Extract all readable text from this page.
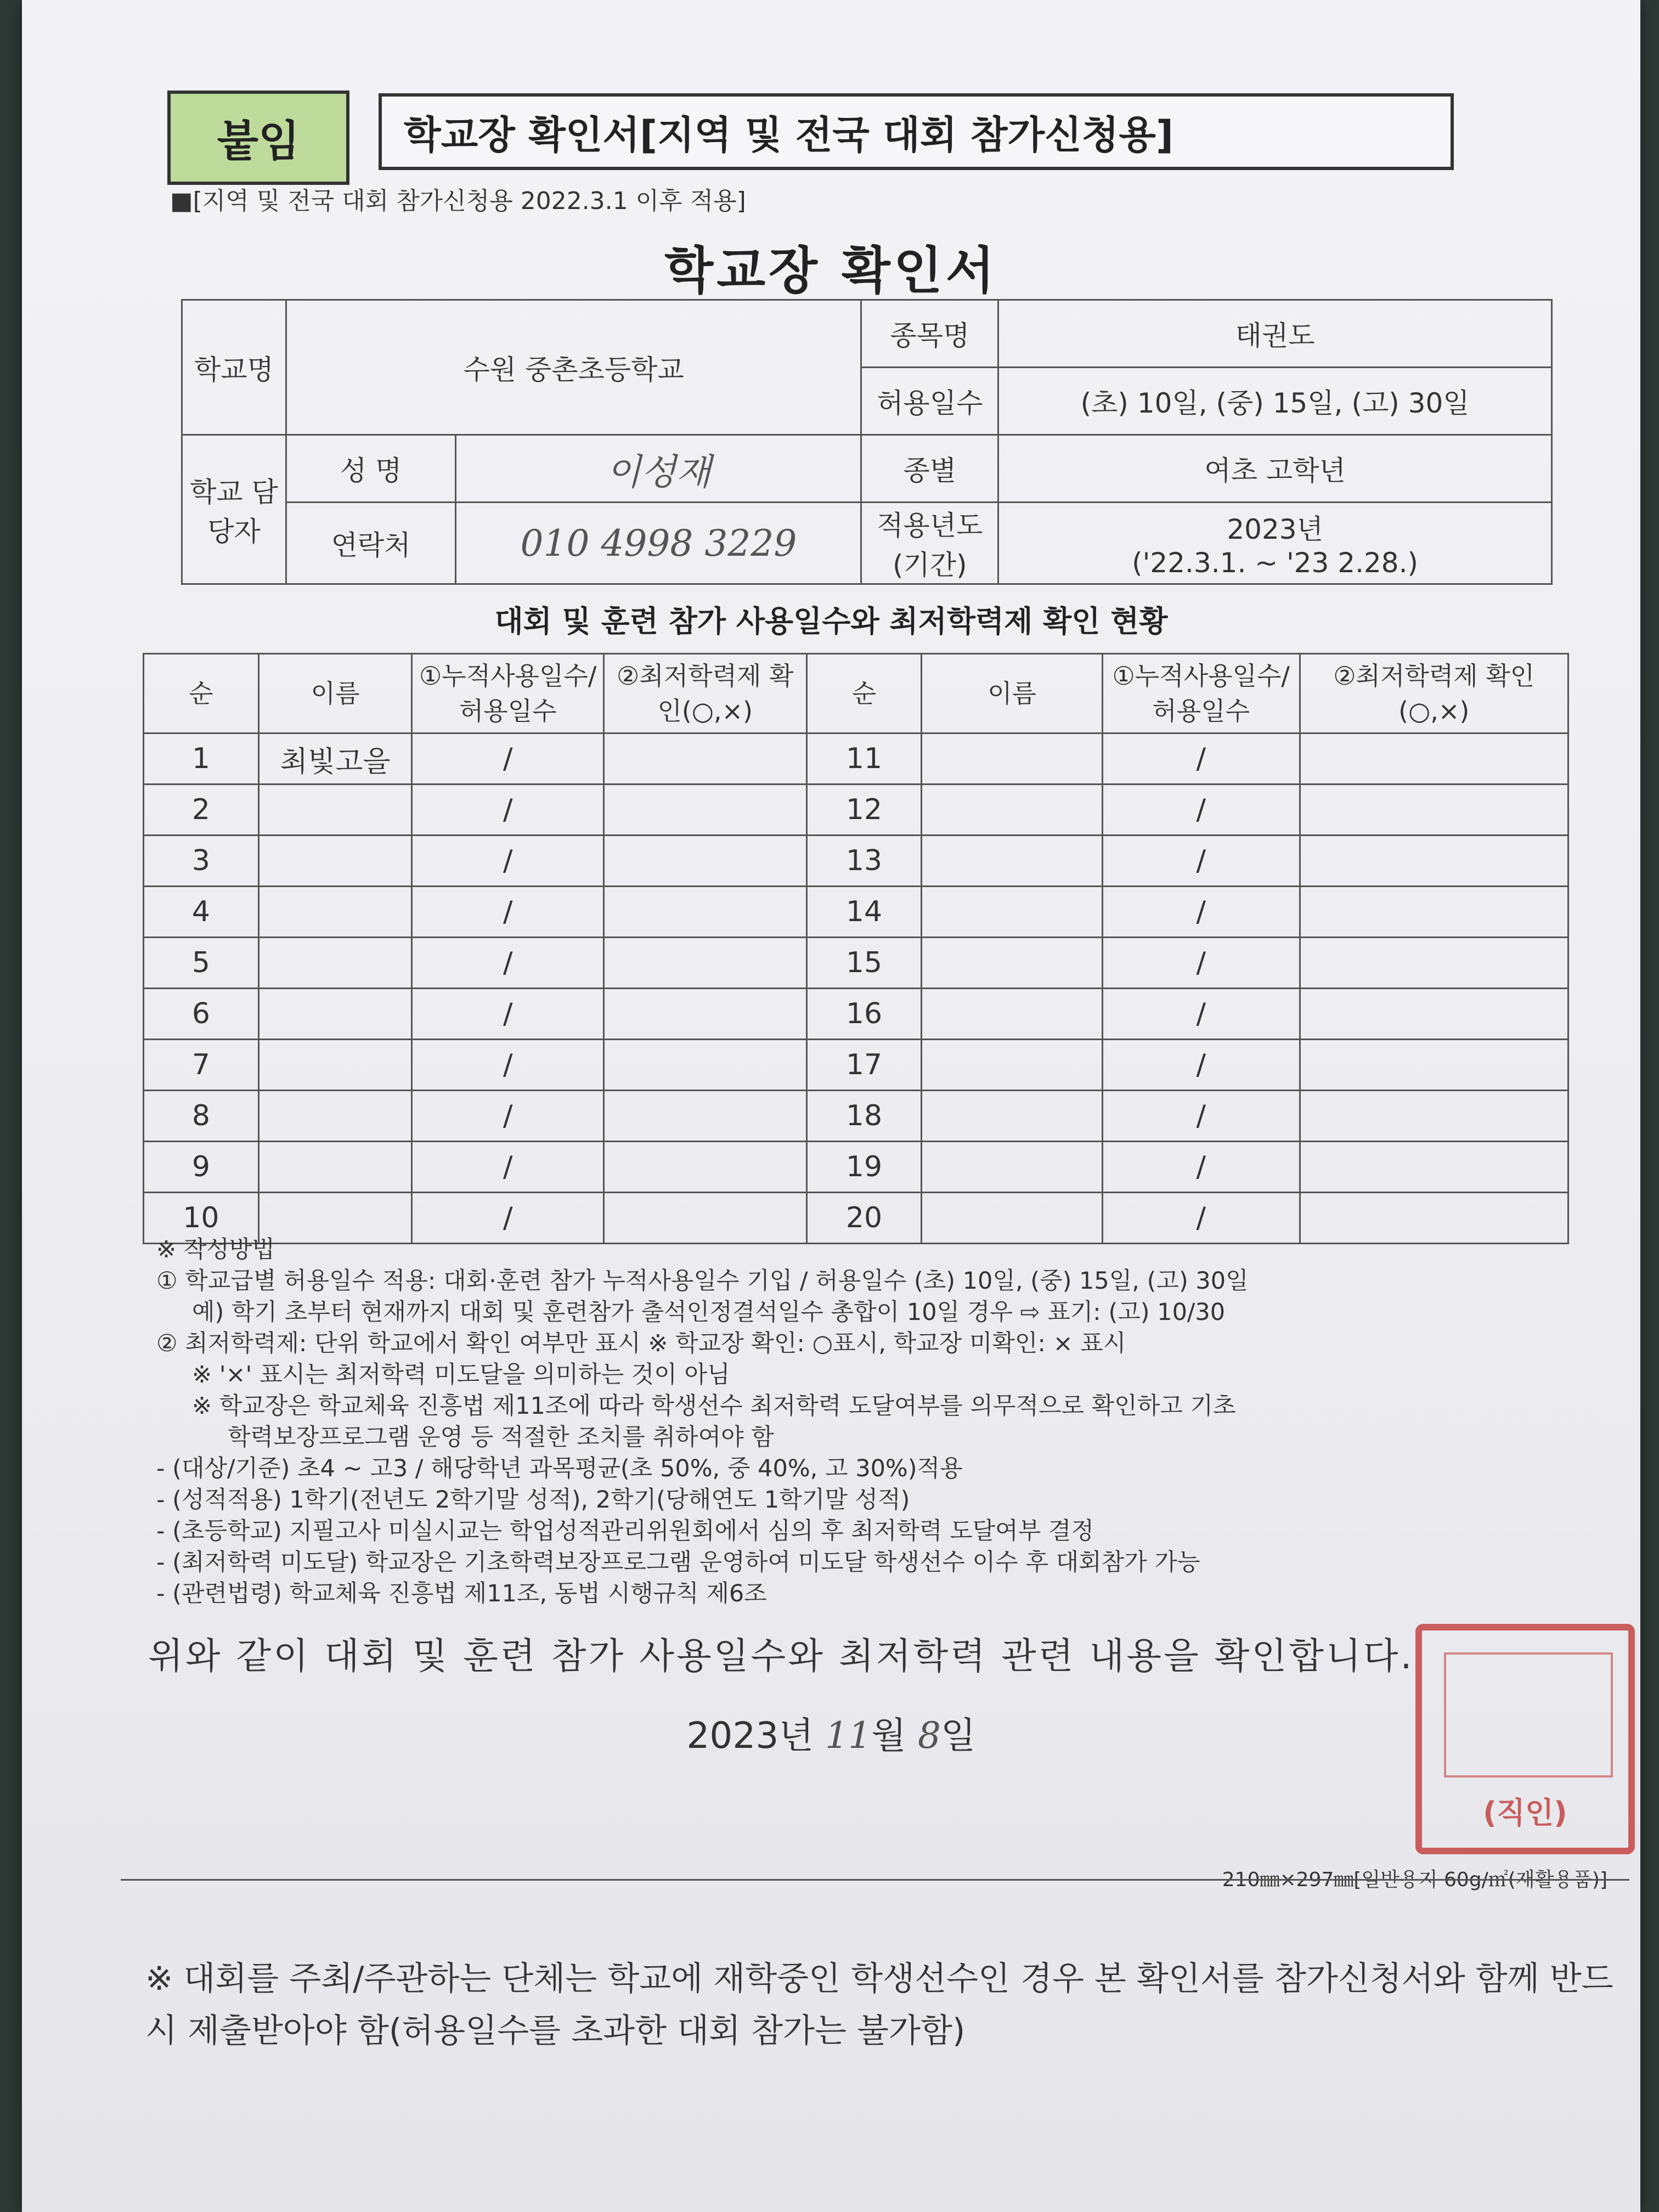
붙임	학교장 확인서[지역 및 전국 대회 참가신청용]
■[지역 및 전국 대회 참가신청용 2022.3.1 이후 적용]
학교장 확인서
학교명	수원 중촌초등학교		종목명	태권도
			허용일수	(초) 10일, (중) 15일, (고) 30일
학교 담당자	성 명	이성재	종별	여초 고학년
	연락처	010 4998 3229	적용년도 (기간)	2023년
('22.3.1. ~ '23 2.28.)
대회 및 훈련 참가 사용일수와 최저학력제 확인 현황
순	이름	①누적사용일수/허용일수	②최저학력제 확인(○,×)	순	이름	①누적사용일수/허용일수	②최저학력제 확인(○,×)
1	최빛고을	/		11		/	
2		/		12		/	
3		/		13		/	
4		/		14		/	
5		/		15		/	
6		/		16		/	
7		/		17		/	
8		/		18		/	
9		/		19		/	
10		/		20		/	
※ 작성방법
① 학교급별 허용일수 적용: 대회·훈련 참가 누적사용일수 기입 / 허용일수 (초) 10일, (중) 15일, (고) 30일
예) 학기 초부터 현재까지 대회 및 훈련참가 출석인정결석일수 총합이 10일 경우 ⇨ 표기: (고) 10/30
② 최저학력제: 단위 학교에서 확인 여부만 표시 ※ 학교장 확인: ○표시, 학교장 미확인: × 표시
※ '×' 표시는 최저학력 미도달을 의미하는 것이 아님
※ 학교장은 학교체육 진흥법 제11조에 따라 학생선수 최저학력 도달여부를 의무적으로 확인하고 기초
학력보장프로그램 운영 등 적절한 조치를 취하여야 함
- (대상/기준) 초4 ~ 고3 / 해당학년 과목평균(초 50%, 중 40%, 고 30%)적용
- (성적적용) 1학기(전년도 2학기말 성적), 2학기(당해연도 1학기말 성적)
- (초등학교) 지필고사 미실시교는 학업성적관리위원회에서 심의 후 최저학력 도달여부 결정
- (최저학력 미도달) 학교장은 기초학력보장프로그램 운영하여 미도달 학생선수 이수 후 대회참가 가능
- (관련법령) 학교체육 진흥법 제11조, 동법 시행규칙 제6조
위와 같이 대회 및 훈련 참가 사용일수와 최저학력 관련 내용을 확인합니다.
2023년 11월 8일
(직인)
210㎜×297㎜[일반용지 60g/㎡(재활용품)]
※ 대회를 주최/주관하는 단체는 학교에 재학중인 학생선수인 경우 본 확인서를 참가신청서와 함께 반드시 제출받아야 함(허용일수를 초과한 대회 참가는 불가함)
